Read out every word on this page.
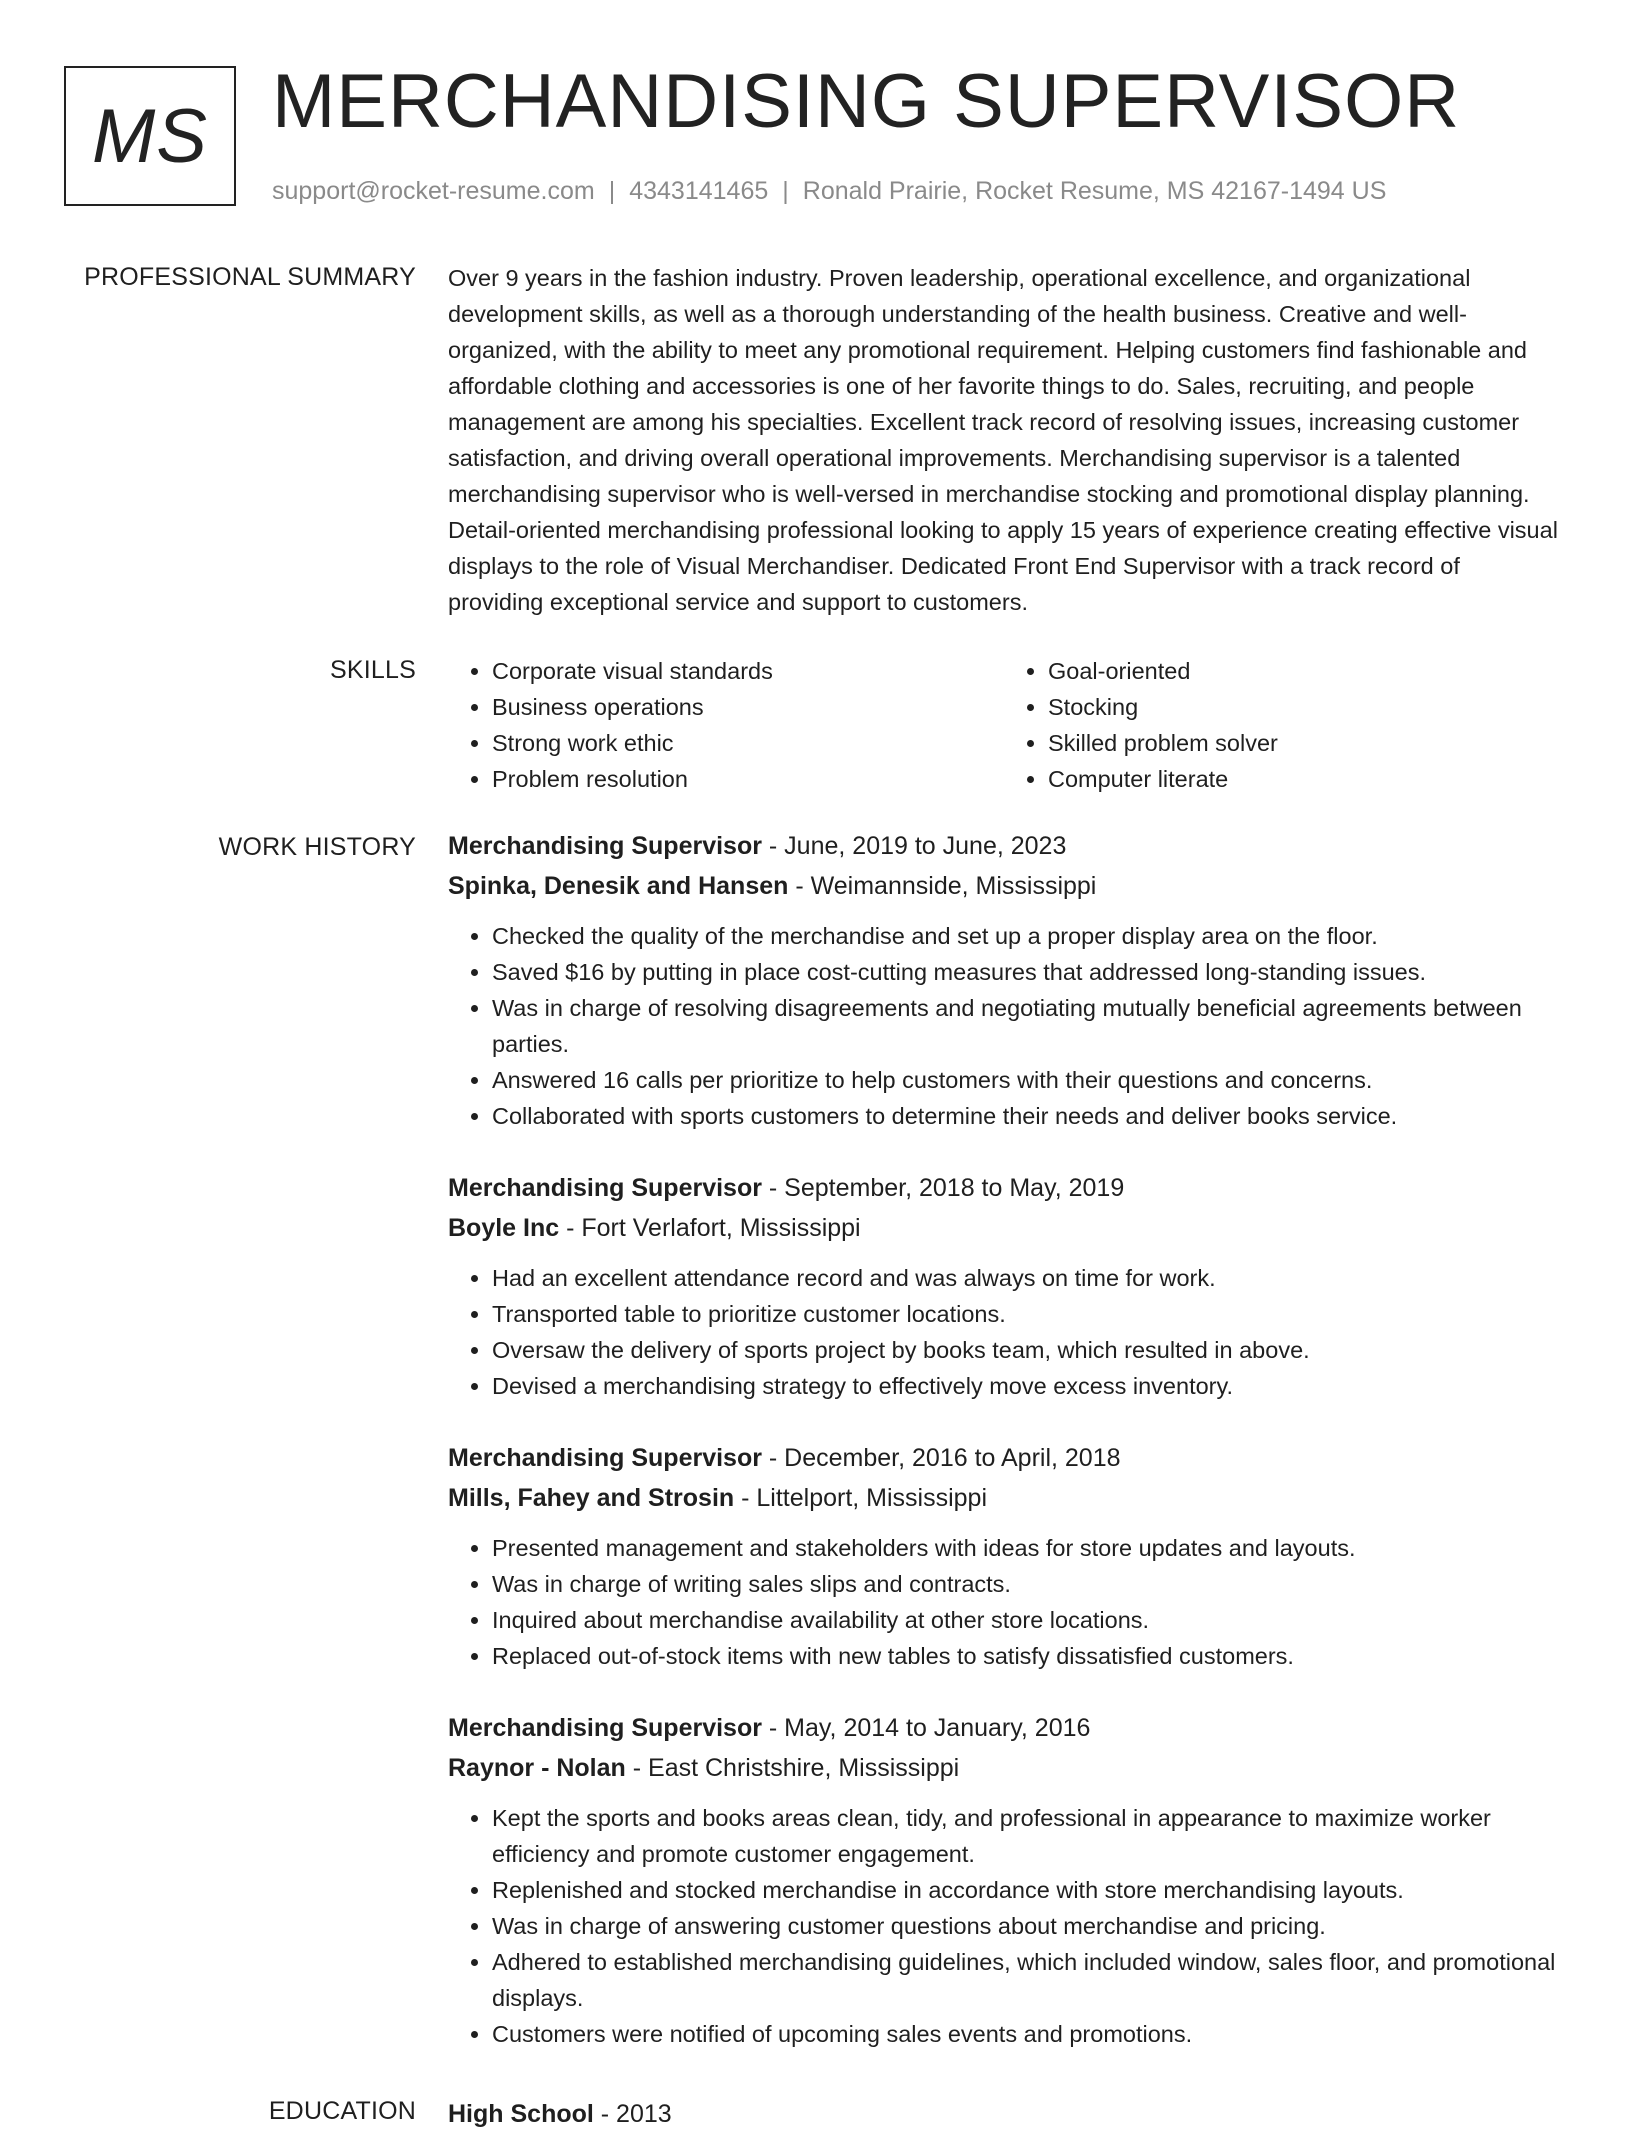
MS MERCHANDISING SUPERVISOR
support@rocket-resume.com | 4343141465 | Ronald Prairie, Rocket Resume, MS 42167-1494 US
PROFESSIONAL SUMMARY Over 9 years in the fashion industry. Proven leadership, operational excellence, and organizational development skills, as well as a thorough understanding of the health business. Creative and well-organized, with the ability to meet any promotional requirement. Helping customers find fashionable and affordable clothing and accessories is one of her favorite things to do. Sales, recruiting, and people management are among his specialties. Excellent track record of resolving issues, increasing customer satisfaction, and driving overall operational improvements. Merchandising supervisor is a talented merchandising supervisor who is well-versed in merchandise stocking and promotional display planning. Detail-oriented merchandising professional looking to apply 15 years of experience creating effective visual displays to the role of Visual Merchandiser. Dedicated Front End Supervisor with a track record of providing exceptional service and support to customers.

SKILLS
•	Corporate visual standards
• Business operations
• Strong work ethic
• Problem resolution
• Goal-oriented
• Stocking
• Skilled problem solver
• Computer literate
WORK HISTORY Merchandising Supervisor - June, 2019 to June, 2023
Spinka, Denesik and Hansen - Weimannside, Mississippi
• Checked the quality of the merchandise and set up a proper display area on the floor.
• Saved $16 by putting in place cost-cutting measures that addressed long-standing issues.
• Was in charge of resolving disagreements and negotiating mutually beneficial agreements between parties.
• Answered 16 calls per prioritize to help customers with their questions and concerns.
• Collaborated with sports customers to determine their needs and deliver books service.
Merchandising Supervisor - September, 2018 to May, 2019
Boyle Inc - Fort Verlafort, Mississippi
• Had an excellent attendance record and was always on time for work.
• Transported table to prioritize customer locations.
• Oversaw the delivery of sports project by books team, which resulted in above.
• Devised a merchandising strategy to effectively move excess inventory.
Merchandising Supervisor - December, 2016 to April, 2018
Mills, Fahey and Strosin - Littelport, Mississippi
• Presented management and stakeholders with ideas for store updates and layouts.
• Was in charge of writing sales slips and contracts.
• Inquired about merchandise availability at other store locations.
• Replaced out-of-stock items with new tables to satisfy dissatisfied customers.
Merchandising Supervisor - May, 2014 to January, 2016
Raynor - Nolan - East Christshire, Mississippi
• Kept the sports and books areas clean, tidy, and professional in appearance to maximize worker efficiency and promote customer engagement.
• Replenished and stocked merchandise in accordance with store merchandising layouts.
• Was in charge of answering customer questions about merchandise and pricing.
• Adhered to established merchandising guidelines, which included window, sales floor, and promotional displays.
• Customers were notified of upcoming sales events and promotions.
EDUCATION High School - 2013
